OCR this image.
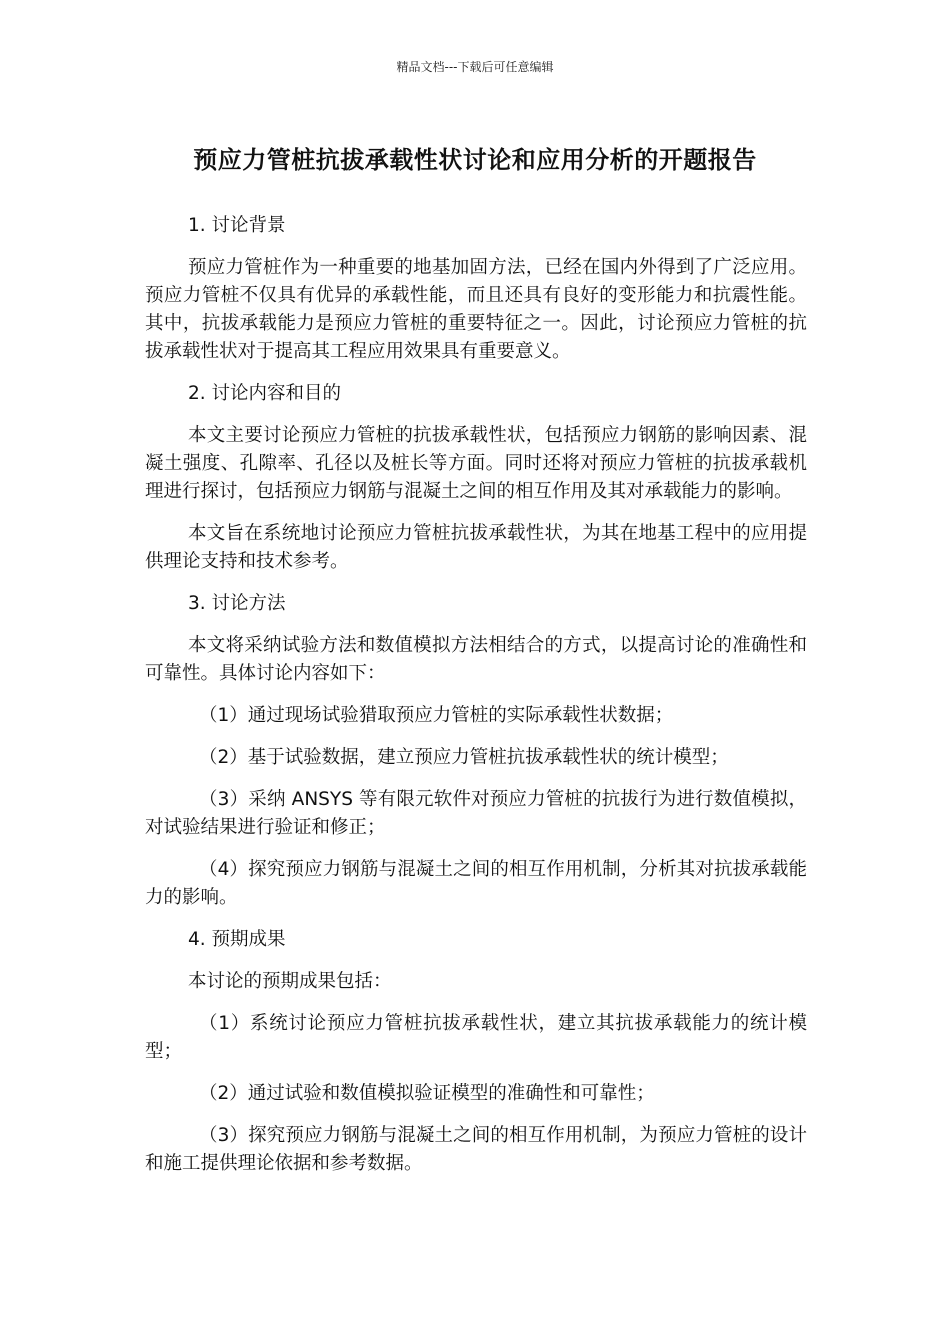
精品文档---下载后可任意编辑
预应力管桩抗拔承载性状讨论和应用分析的开题报告

1. 讨论背景

预应力管桩作为一种重要的地基加固方法，已经在国内外得到了广泛应用。预应力管桩不仅具有优异的承载性能，而且还具有良好的变形能力和抗震性能。其中，抗拔承载能力是预应力管桩的重要特征之一。因此，讨论预应力管桩的抗拔承载性状对于提高其工程应用效果具有重要意义。

2. 讨论内容和目的

本文主要讨论预应力管桩的抗拔承载性状，包括预应力钢筋的影响因素、混凝土强度、孔隙率、孔径以及桩长等方面。同时还将对预应力管桩的抗拔承载机理进行探讨，包括预应力钢筋与混凝土之间的相互作用及其对承载能力的影响。

本文旨在系统地讨论预应力管桩抗拔承载性状，为其在地基工程中的应用提供理论支持和技术参考。

3. 讨论方法

本文将采纳试验方法和数值模拟方法相结合的方式，以提高讨论的准确性和可靠性。具体讨论内容如下：

（1）通过现场试验猎取预应力管桩的实际承载性状数据；

（2）基于试验数据，建立预应力管桩抗拔承载性状的统计模型；

（3）采纳 ANSYS 等有限元软件对预应力管桩的抗拔行为进行数值模拟，对试验结果进行验证和修正；

（4）探究预应力钢筋与混凝土之间的相互作用机制，分析其对抗拔承载能力的影响。

4. 预期成果

本讨论的预期成果包括：

（1）系统讨论预应力管桩抗拔承载性状，建立其抗拔承载能力的统计模型；

（2）通过试验和数值模拟验证模型的准确性和可靠性；

（3）探究预应力钢筋与混凝土之间的相互作用机制，为预应力管桩的设计和施工提供理论依据和参考数据。
